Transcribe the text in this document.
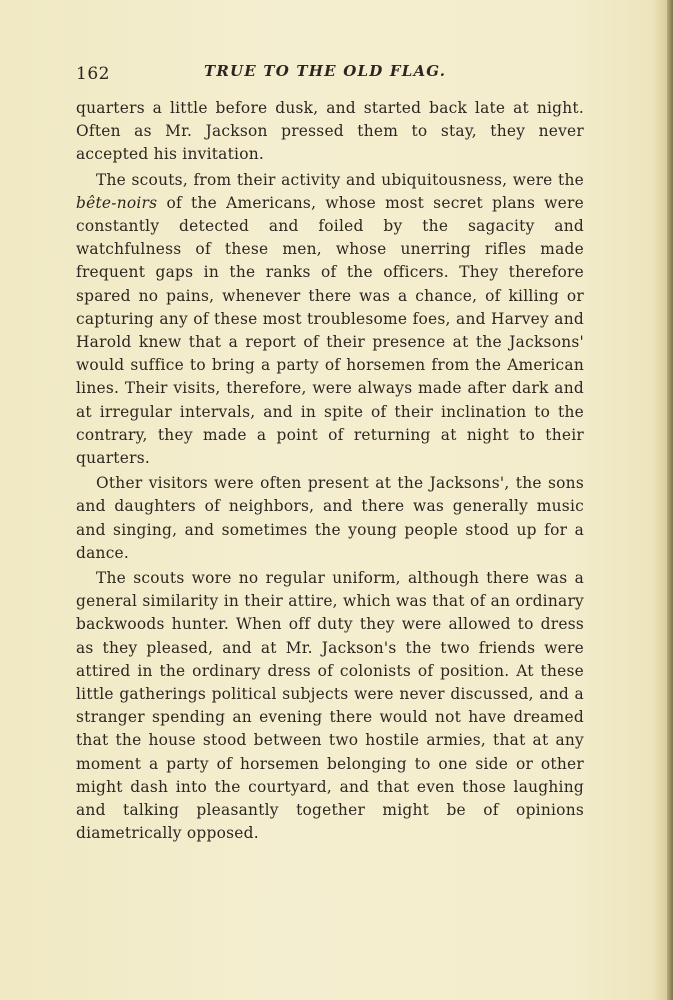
162	TRUE TO THE OLD FLAG.

quarters a little before dusk, and started back late at night. Often as Mr. Jackson pressed them to stay, they never accepted his invitation.

The scouts, from their activity and ubiquitousness, were the bête-noirs of the Americans, whose most secret plans were constantly detected and foiled by the sagacity and watchfulness of these men, whose unerring rifles made frequent gaps in the ranks of the officers. They therefore spared no pains, whenever there was a chance, of killing or capturing any of these most troublesome foes, and Harvey and Harold knew that a report of their presence at the Jacksons' would suffice to bring a party of horsemen from the American lines. Their visits, therefore, were always made after dark and at irregular intervals, and in spite of their inclination to the contrary, they made a point of returning at night to their quarters.

Other visitors were often present at the Jacksons', the sons and daughters of neighbors, and there was generally music and singing, and sometimes the young people stood up for a dance.

The scouts wore no regular uniform, although there was a general similarity in their attire, which was that of an ordinary backwoods hunter. When off duty they were allowed to dress as they pleased, and at Mr. Jackson's the two friends were attired in the ordinary dress of colonists of position. At these little gatherings political subjects were never discussed, and a stranger spending an evening there would not have dreamed that the house stood between two hostile armies, that at any moment a party of horsemen belonging to one side or other might dash into the courtyard, and that even those laughing and talking pleasantly together might be of opinions diametrically opposed.
